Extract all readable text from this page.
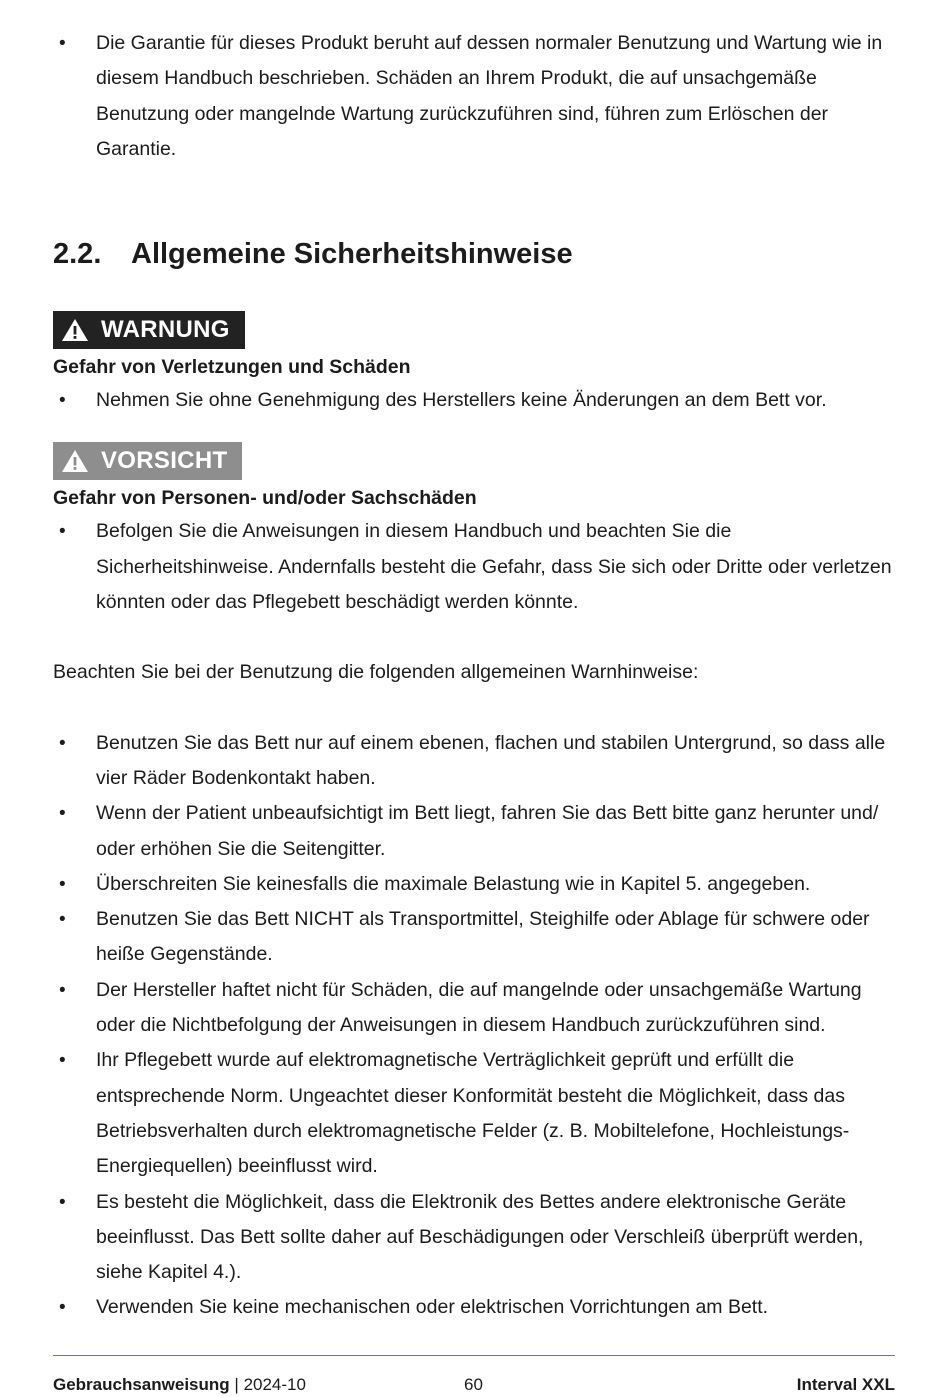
• Die Garantie für dieses Produkt beruht auf dessen normaler Benutzung und Wartung wie in diesem Handbuch beschrieben. Schäden an Ihrem Produkt, die auf unsachgemäße Benutzung oder mangelnde Wartung zurückzuführen sind, führen zum Erlöschen der Garantie.
2.2.	Allgemeine Sicherheitshinweise
WARNUNG
Gefahr von Verletzungen und Schäden
• Nehmen Sie ohne Genehmigung des Herstellers keine Änderungen an dem Bett vor.
VORSICHT
Gefahr von Personen- und/oder Sachschäden
• Befolgen Sie die Anweisungen in diesem Handbuch und beachten Sie die Sicherheitshinweise. Andernfalls besteht die Gefahr, dass Sie sich oder Dritte oder verletzen könnten oder das Pflegebett beschädigt werden könnte.

Beachten Sie bei der Benutzung die folgenden allgemeinen Warnhinweise:

• Benutzen Sie das Bett nur auf einem ebenen, flachen und stabilen Untergrund, so dass alle vier Räder Bodenkontakt haben.
• Wenn der Patient unbeaufsichtigt im Bett liegt, fahren Sie das Bett bitte ganz herunter und/ oder erhöhen Sie die Seitengitter.
• Überschreiten Sie keinesfalls die maximale Belastung wie in Kapitel 5. angegeben.
• Benutzen Sie das Bett NICHT als Transportmittel, Steighilfe oder Ablage für schwere oder heiße Gegenstände.
• Der Hersteller haftet nicht für Schäden, die auf mangelnde oder unsachgemäße Wartung oder die Nichtbefolgung der Anweisungen in diesem Handbuch zurückzuführen sind.
• Ihr Pflegebett wurde auf elektromagnetische Verträglichkeit geprüft und erfüllt die entsprechende Norm. Ungeachtet dieser Konformität besteht die Möglichkeit, dass das Betriebsverhalten durch elektromagnetische Felder (z. B. Mobiltelefone, Hochleistungs-Energiequellen) beeinflusst wird.
• Es besteht die Möglichkeit, dass die Elektronik des Bettes andere elektronische Geräte beeinflusst. Das Bett sollte daher auf Beschädigungen oder Verschleiß überprüft werden, siehe Kapitel 4.).
• Verwenden Sie keine mechanischen oder elektrischen Vorrichtungen am Bett.
Gebrauchsanweisung | 2024-10	60	Interval XXL
